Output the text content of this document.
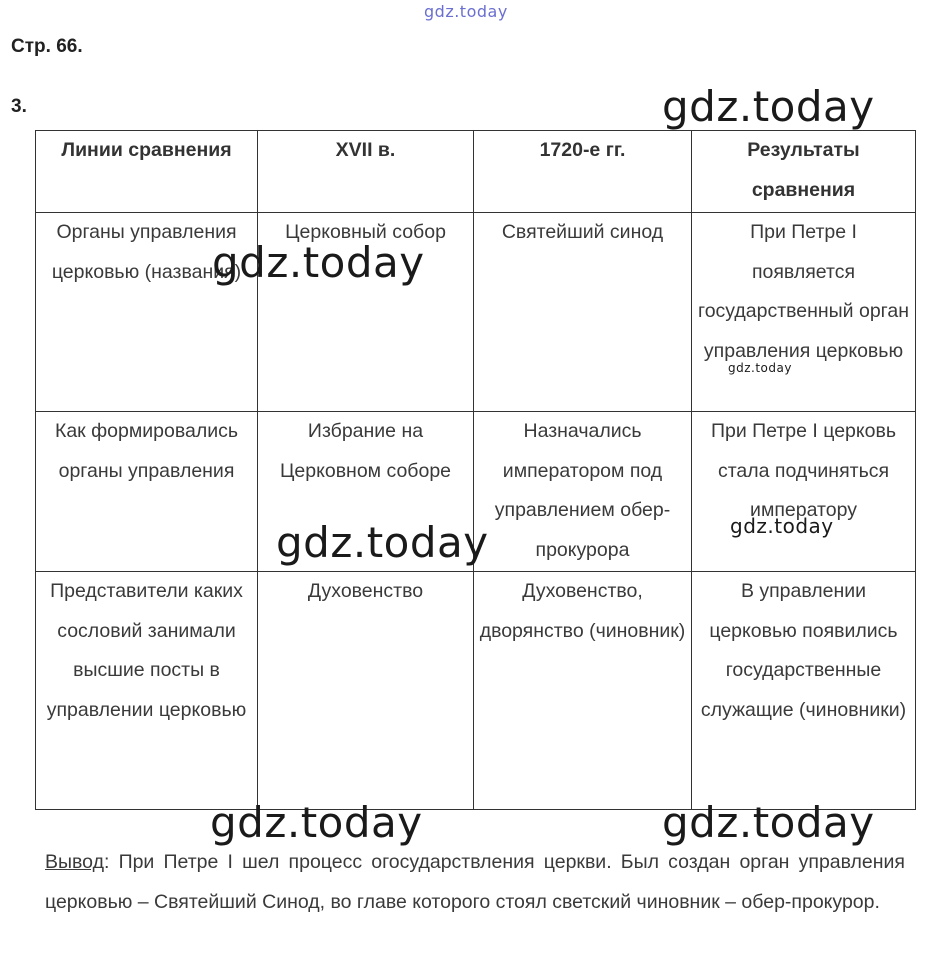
gdz.today
Стр. 66.
3.
Линии сравнения	XVII в.	1720-е гг.	Результаты сравнения
Органы управления церковью (названия)	Церковный собор	Святейший синод	При Петре I появляется государственный орган управления церковью
Как формировались органы управления	Избрание на Церковном соборе	Назначались императором под управлением обер-прокурора	При Петре I церковь стала подчиняться императору
Представители каких сословий занимали высшие посты в управлении церковью	Духовенство	Духовенство, дворянство (чиновник)	В управлении церковью появились государственные служащие (чиновники)
Вывод: При Петре I шел процесс огосударствления церкви. Был создан орган управления церковью – Святейший Синод, во главе которого стоял светский чиновник – обер-прокурор.
gdz.today
gdz.today
gdz.today
gdz.today	gdz.today
gdz.today	gdz.today
